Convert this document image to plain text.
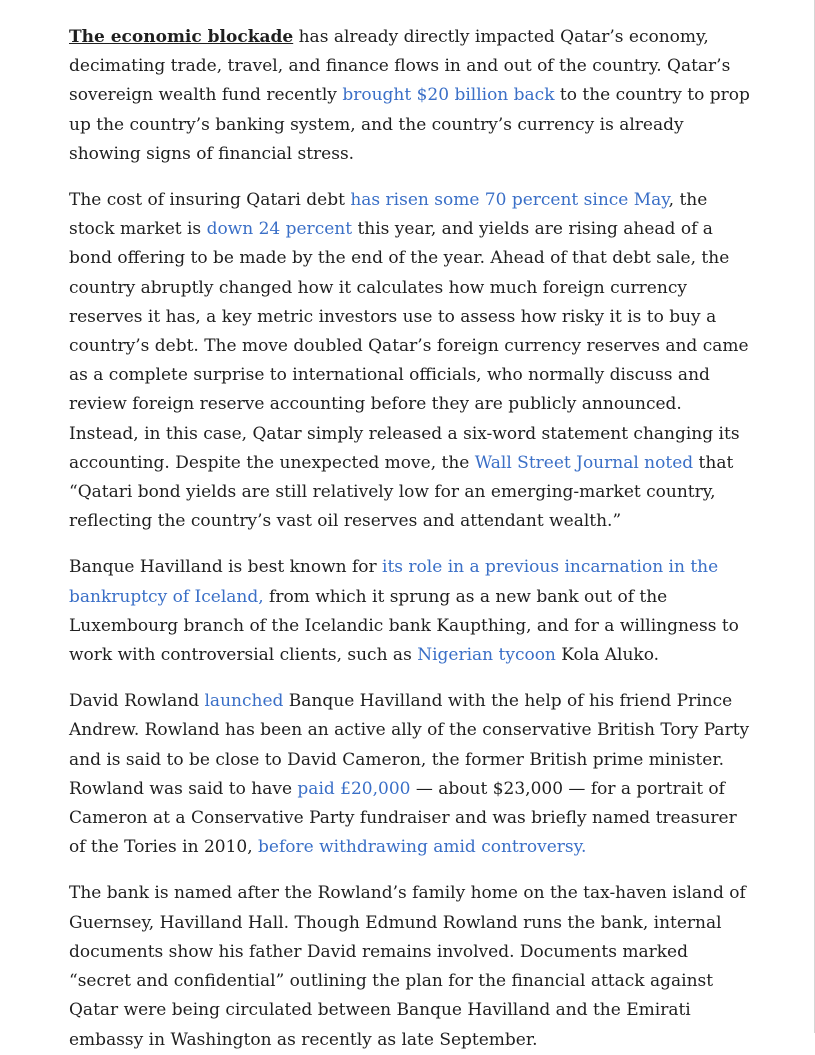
The economic blockade has already directly impacted Qatar’s economy, decimating trade, travel, and finance flows in and out of the country. Qatar’s sovereign wealth fund recently brought $20 billion back to the country to prop up the country’s banking system, and the country’s currency is already showing signs of financial stress.

The cost of insuring Qatari debt has risen some 70 percent since May, the stock market is down 24 percent this year, and yields are rising ahead of a bond offering to be made by the end of the year. Ahead of that debt sale, the country abruptly changed how it calculates how much foreign currency reserves it has, a key metric investors use to assess how risky it is to buy a country’s debt. The move doubled Qatar’s foreign currency reserves and came as a complete surprise to international officials, who normally discuss and review foreign reserve accounting before they are publicly announced. Instead, in this case, Qatar simply released a six-word statement changing its accounting. Despite the unexpected move, the Wall Street Journal noted that “Qatari bond yields are still relatively low for an emerging-market country, reflecting the country’s vast oil reserves and attendant wealth.”

Banque Havilland is best known for its role in a previous incarnation in the bankruptcy of Iceland, from which it sprung as a new bank out of the Luxembourg branch of the Icelandic bank Kaupthing, and for a willingness to work with controversial clients, such as Nigerian tycoon Kola Aluko.

David Rowland launched Banque Havilland with the help of his friend Prince Andrew. Rowland has been an active ally of the conservative British Tory Party and is said to be close to David Cameron, the former British prime minister.
Rowland was said to have paid £20,000 — about $23,000 — for a portrait of Cameron at a Conservative Party fundraiser and was briefly named treasurer of the Tories in 2010, before withdrawing amid controversy.

The bank is named after the Rowland’s family home on the tax-haven island of Guernsey, Havilland Hall. Though Edmund Rowland runs the bank, internal documents show his father David remains involved. Documents marked “secret and confidential” outlining the plan for the financial attack against Qatar were being circulated between Banque Havilland and the Emirati embassy in Washington as recently as late September.
